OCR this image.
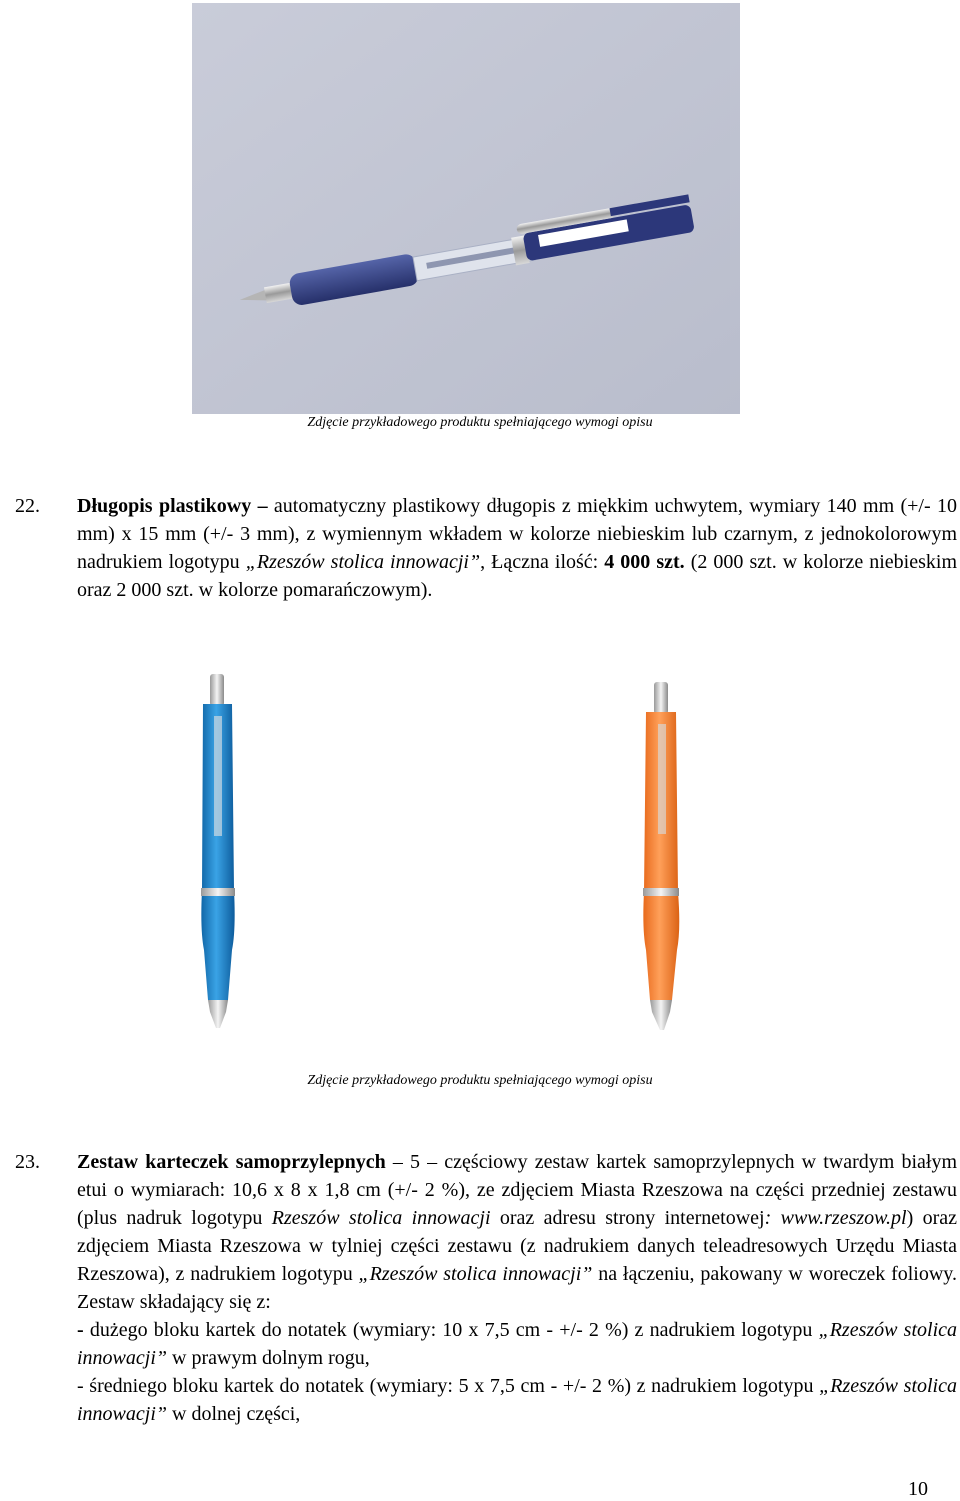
Zdjęcie przykładowego produktu spełniającego wymogi opisu
22. Długopis plastikowy – automatyczny plastikowy długopis z miękkim uchwytem, wymiary 140 mm (+/- 10 mm) x 15 mm (+/- 3 mm), z wymiennym wkładem w kolorze niebieskim lub czarnym, z jednokolorowym nadrukiem logotypu „Rzeszów stolica innowacji”, Łączna ilość: 4 000 szt. (2 000 szt. w kolorze niebieskim oraz 2 000 szt. w kolorze pomarańczowym).
Zdjęcie przykładowego produktu spełniającego wymogi opisu
23. Zestaw karteczek samoprzylepnych – 5 – częściowy zestaw kartek samoprzylepnych w twardym białym etui o wymiarach: 10,6 x 8 x 1,8 cm (+/- 2 %), ze zdjęciem Miasta Rzeszowa na części przedniej zestawu (plus nadruk logotypu Rzeszów stolica innowacji oraz adresu strony internetowej: www.rzeszow.pl) oraz zdjęciem Miasta Rzeszowa w tylniej części zestawu (z nadrukiem danych teleadresowych Urzędu Miasta Rzeszowa), z nadrukiem logotypu „Rzeszów stolica innowacji” na łączeniu, pakowany w woreczek foliowy. Zestaw składający się z:
- dużego bloku kartek do notatek (wymiary: 10 x 7,5 cm - +/- 2 %) z nadrukiem logotypu „Rzeszów stolica innowacji” w prawym dolnym rogu,
- średniego bloku kartek do notatek (wymiary: 5 x 7,5 cm - +/- 2 %) z nadrukiem logotypu „Rzeszów stolica innowacji” w dolnej części,
10
